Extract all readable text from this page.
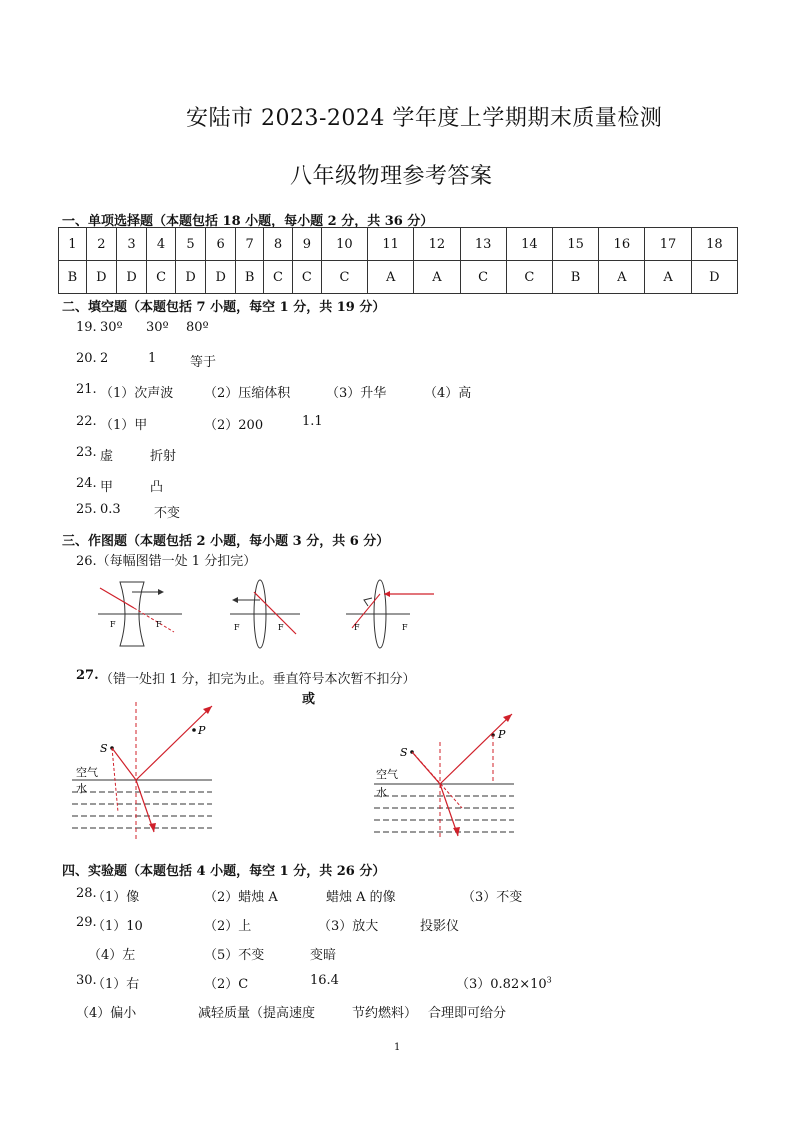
安陆市 2023-2024 学年度上学期期末质量检测
八年级物理参考答案
一、单项选择题（本题包括 18 小题，每小题 2 分，共 36 分）
1	2	3	4	5	6	7	8	9	10	11	12	13	14	15	16	17	18
B	D	D	C	D	D	B	C	C	C	A	A	C	C	B	A	A	D
二、填空题（本题包括 7 小题，每空 1 分，共 19 分）
19. 30º 30º 80º
20. 2	1	等于
21. （1）次声波 （2）压缩体积	（3）升华	（4）高
22. （1）甲	（2）200	1.1
23. 虚	折射
24. 甲	凸
25. 0.3	不变
三、作图题（本题包括 2 小题，每小题 3 分，共 6 分）
26.（每幅图错一处 1 分扣完）
F	F	F	F	F	F
27. （错一处扣 1 分，扣完为止。垂直符号本次暂不扣分）
或
S
P
空气
水
S
P
空气
水
四、实验题（本题包括 4 小题，每空 1 分，共 26 分）
28.
（1）像	（2）蜡烛 A	蜡烛 A 的像	（3）不变
29.
（1）10	（2）上	（3）放大	投影仪
（4）左	（5）不变	变暗
30.
（1）右	（2）C	16.4	$(3)0.82\times 10^3$
（4）偏小	减轻质量（提高速度	节约燃料） 合理即可给分
1
